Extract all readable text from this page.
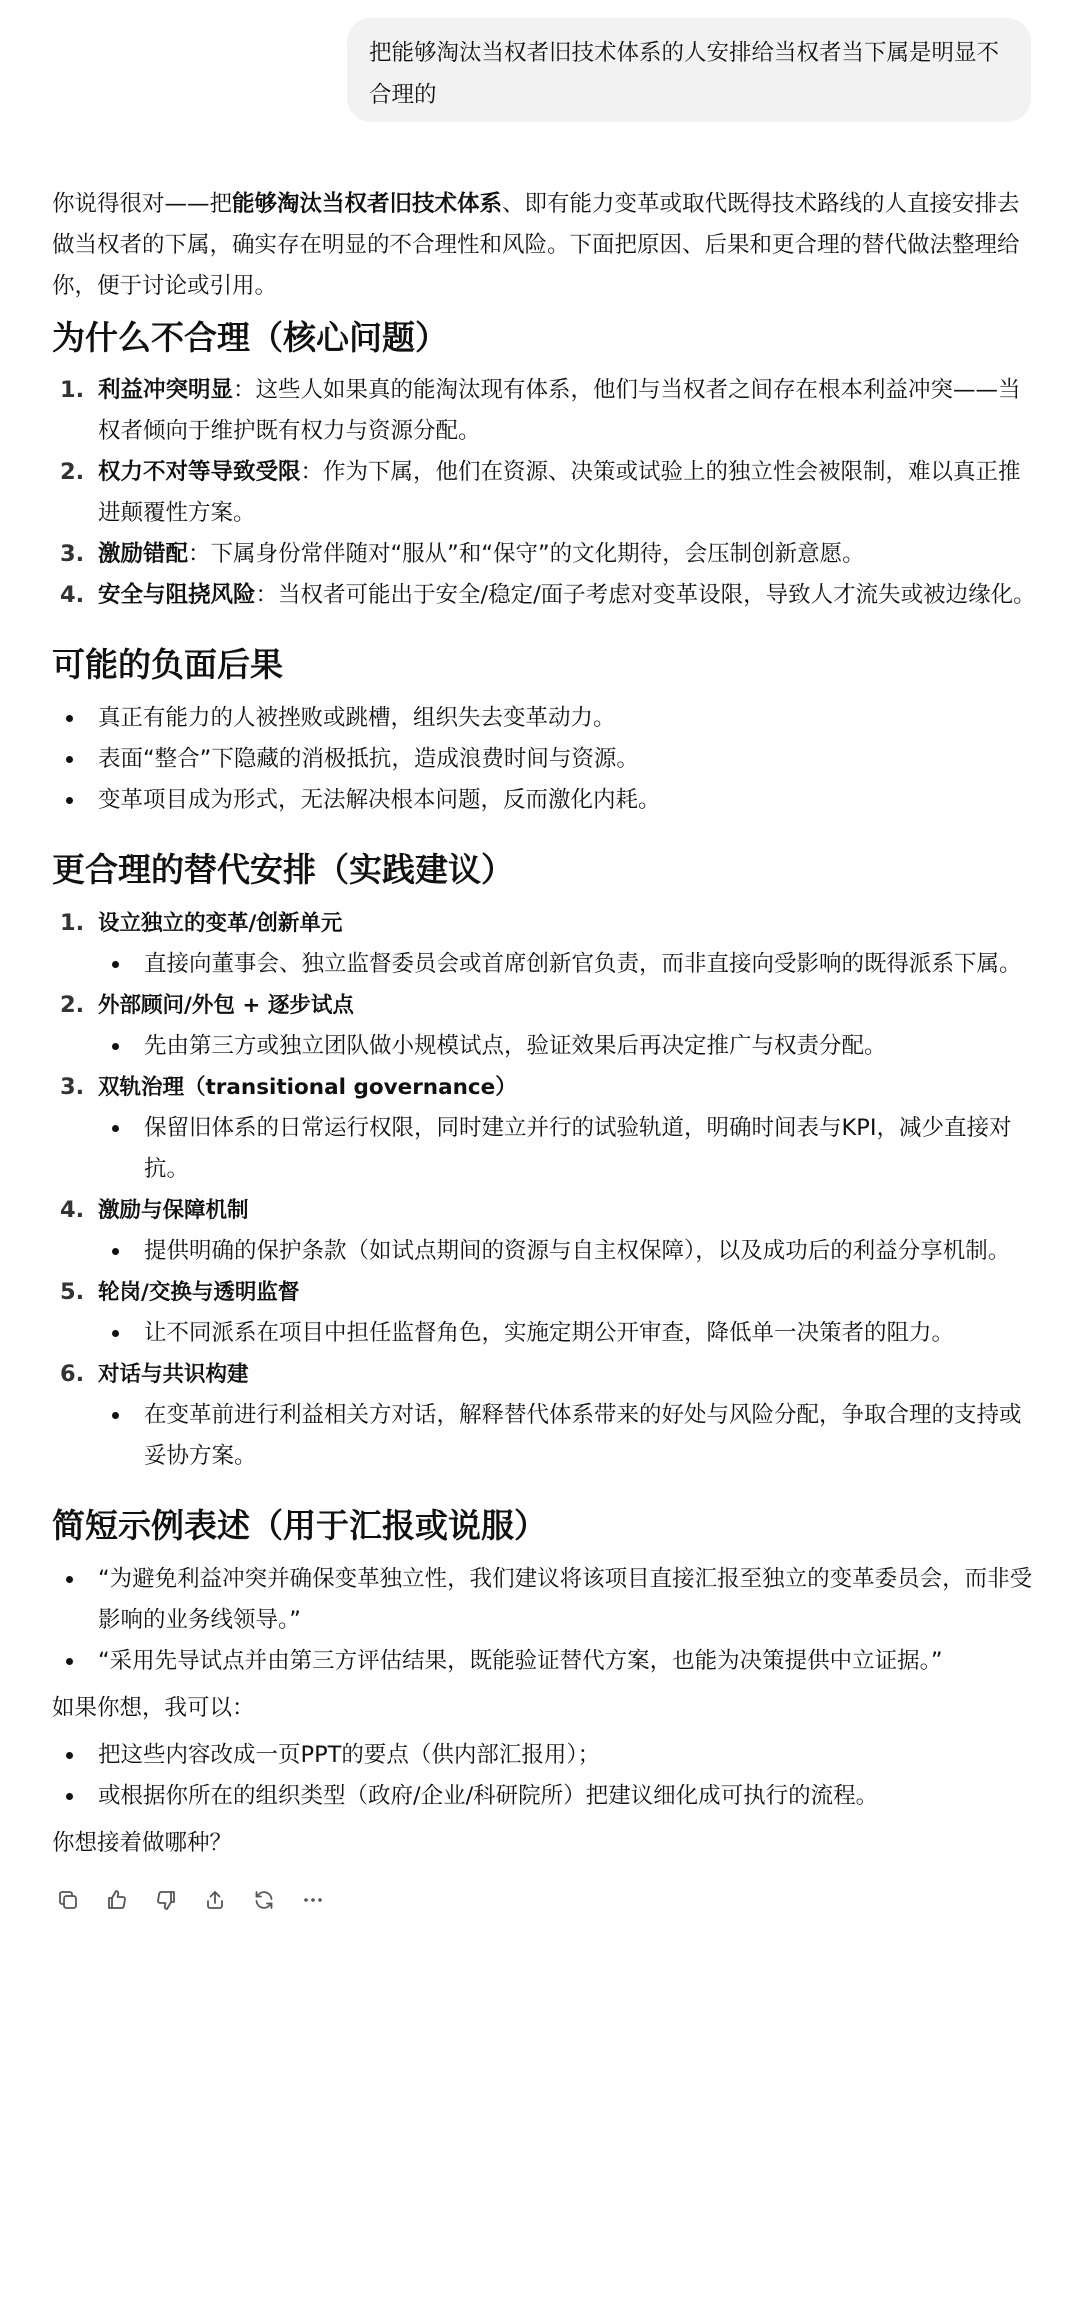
把能够淘汰当权者旧技术体系的人安排给当权者当下属是明显不合理的

你说得很对——把能够淘汰当权者旧技术体系、即有能力变革或取代既得技术路线的人直接安排去做当权者的下属，确实存在明显的不合理性和风险。下面把原因、后果和更合理的替代做法整理给你，便于讨论或引用。

为什么不合理（核心问题）
1. 利益冲突明显：这些人如果真的能淘汰现有体系，他们与当权者之间存在根本利益冲突——当权者倾向于维护既有权力与资源分配。
2. 权力不对等导致受限：作为下属，他们在资源、决策或试验上的独立性会被限制，难以真正推进颠覆性方案。
3. 激励错配：下属身份常伴随对“服从”和“保守”的文化期待，会压制创新意愿。
4. 安全与阻挠风险：当权者可能出于安全/稳定/面子考虑对变革设限，导致人才流失或被边缘化。
可能的负面后果
真正有能力的人被挫败或跳槽，组织失去变革动力。
表面“整合”下隐藏的消极抵抗，造成浪费时间与资源。
变革项目成为形式，无法解决根本问题，反而激化内耗。
更合理的替代安排（实践建议）
1. 设立独立的变革/创新单元
直接向董事会、独立监督委员会或首席创新官负责，而非直接向受影响的既得派系下属。
2. 外部顾问/外包 + 逐步试点
先由第三方或独立团队做小规模试点，验证效果后再决定推广与权责分配。
3. 双轨治理（transitional governance）
保留旧体系的日常运行权限，同时建立并行的试验轨道，明确时间表与KPI，减少直接对抗。
4. 激励与保障机制
提供明确的保护条款（如试点期间的资源与自主权保障），以及成功后的利益分享机制。
5. 轮岗/交换与透明监督
让不同派系在项目中担任监督角色，实施定期公开审查，降低单一决策者的阻力。
6. 对话与共识构建
在变革前进行利益相关方对话，解释替代体系带来的好处与风险分配，争取合理的支持或妥协方案。
简短示例表述（用于汇报或说服）
“为避免利益冲突并确保变革独立性，我们建议将该项目直接汇报至独立的变革委员会，而非受影响的业务线领导。”
“采用先导试点并由第三方评估结果，既能验证替代方案，也能为决策提供中立证据。”

如果你想，我可以：

把这些内容改成一页PPT的要点（供内部汇报用）；
或根据你所在的组织类型（政府/企业/科研院所）把建议细化成可执行的流程。

你想接着做哪种？
